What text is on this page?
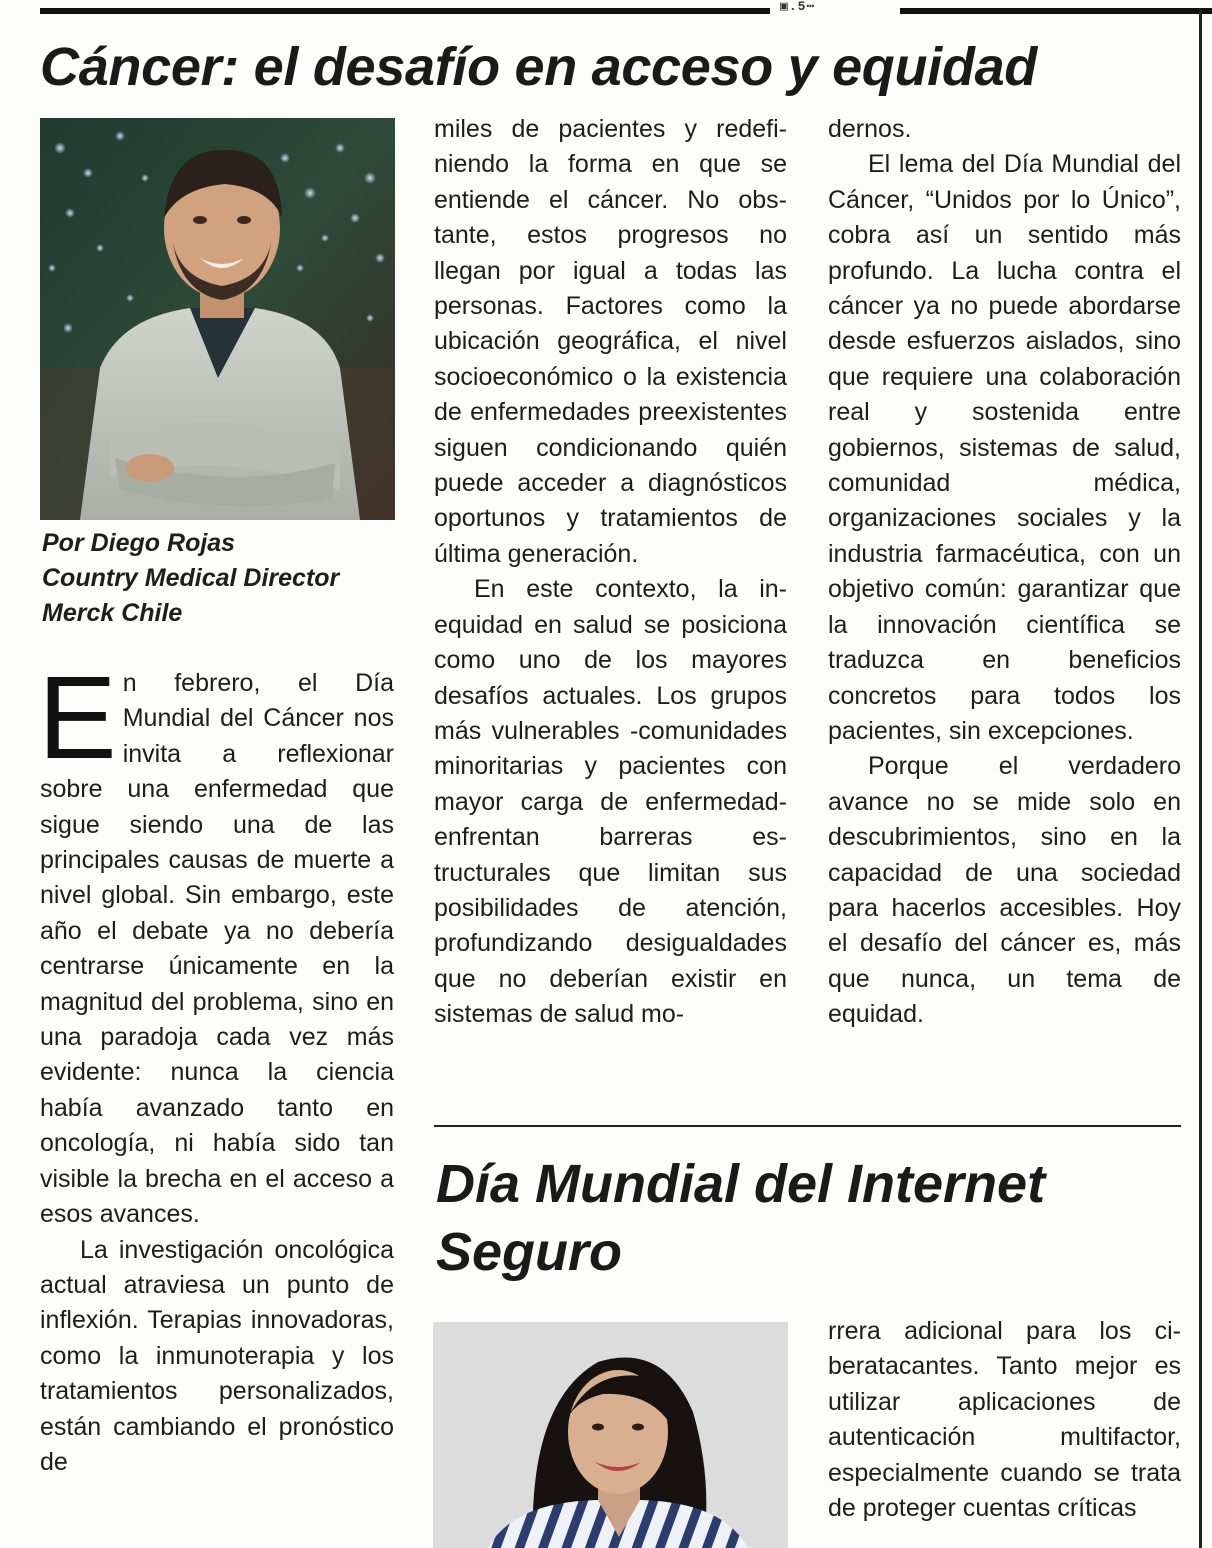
▣.5⋯
Cáncer: el desafío en acceso y equidad
Por Diego Rojas
Country Medical Director
Merck Chile

En febrero, el Día Mundial del Cáncer nos invita a reflexionar sobre una enfermedad que sigue siendo una de las principales causas de muerte a nivel global. Sin embargo, este año el debate ya no debería centrarse únicamente en la magnitud del problema, sino en una paradoja cada vez más evidente: nunca la ciencia había avanzado tanto en oncología, ni había sido tan visible la brecha en el acceso a esos avances.

La investigación oncológica actual atraviesa un punto de inflexión. Terapias innovadoras, como la inmunoterapia y los tratamientos personalizados, están cambiando el pronóstico de

miles de pacientes y redefiniendo la forma en que se entiende el cáncer. No obstante, estos progresos no llegan por igual a todas las personas. Factores como la ubicación geográfica, el nivel socioeconómico o la existencia de enfermedades preexistentes siguen condicionando quién puede acceder a diagnósticos oportunos y tratamientos de última generación.

En este contexto, la inequidad en salud se posiciona como uno de los mayores desafíos actuales. Los grupos más vulnerables -comunidades minoritarias y pacientes con mayor carga de enfermedad- enfrentan barreras estructurales que limitan sus posibilidades de atención, profundizando desigualdades que no deberían existir en sistemas de salud mo-

dernos.

El lema del Día Mundial del Cáncer, “Unidos por lo Único”, cobra así un sentido más profundo. La lucha contra el cáncer ya no puede abordarse desde esfuerzos aislados, sino que requiere una colaboración real y sostenida entre gobiernos, sistemas de salud, comunidad médica, organizaciones sociales y la industria farmacéutica, con un objetivo común: garantizar que la innovación científica se traduzca en beneficios concretos para todos los pacientes, sin excepciones.

Porque el verdadero avance no se mide solo en descubrimientos, sino en la capacidad de una sociedad para hacerlos accesibles. Hoy el desafío del cáncer es, más que nunca, un tema de equidad.

Día Mundial del Internet Seguro

rrera adicional para los ciberatacantes. Tanto mejor es utilizar aplicaciones de autenticación multifactor, especialmente cuando se trata de proteger cuentas críticas
